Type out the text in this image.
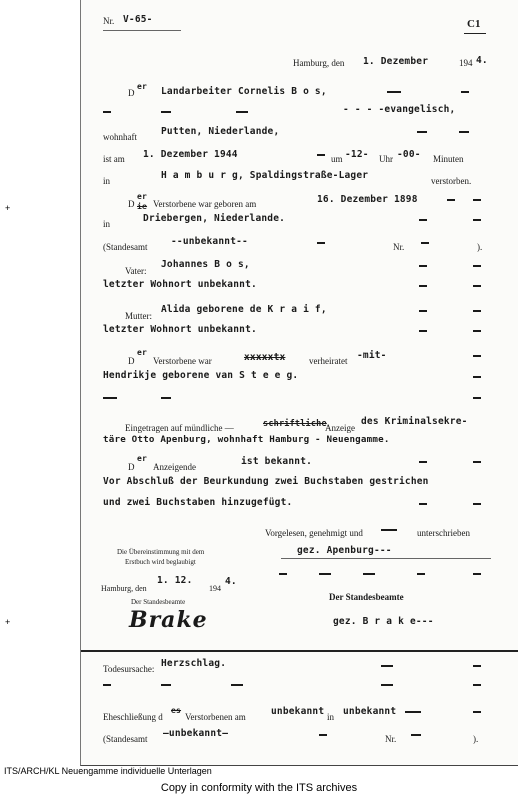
Nr. V-65-	C1
Hamburg, den 1. Dezember	194 4.
D
er Landarbeiter Cornelis B o s,
- - - -evangelisch,
wohnhaft	Putten, Niederlande,
ist am 1. Dezember 1944	um -12- Uhr -00- Minuten
in	H a m b u r g, Spaldingstraße-Lager	verstorben.
D
er
ie Verstorbene war geboren am	16. Dezember 1898
in	Driebergen, Niederlande.
(Standesamt --unbekannt--	Nr.	).
Vater:
Johannes B o s,
letzter Wohnort unbekannt.
Mutter:
Alida geborene de K r a i f,
letzter Wohnort unbekannt.
D
er
Verstorbene war	xxxxxtx	verheiratet -mit-
Hendrikje geborene van S t e e g.
Eingetragen auf mündliche —	schriftliche
Anzeige
des Kriminalsekre-
täre Otto Apenburg, wohnhaft Hamburg - Neuengamme.
D
er
Anzeigende	ist bekannt.
Vor Abschluß der Beurkundung zwei Buchstaben gestrichen
und zwei Buchstaben hinzugefügt.
Vorgelesen, genehmigt und	unterschrieben
Die Übereinstimmung mit dem
Erstbuch wird beglaubigt
gez. Apenburg---
Hamburg, den
1. 12.
194
4.
Der Standesbeamte
Der Standesbeamte
Brake	gez. B r a k e---
Todesursache: Herzschlag.
Eheschließung d
es
Verstorbenen am	unbekannt in unbekannt
(Standesamt —unbekannt—	Nr.	).
+
+
ITS/ARCH/KL Neuengamme individuelle Unterlagen
Copy in conformity with the ITS archives
